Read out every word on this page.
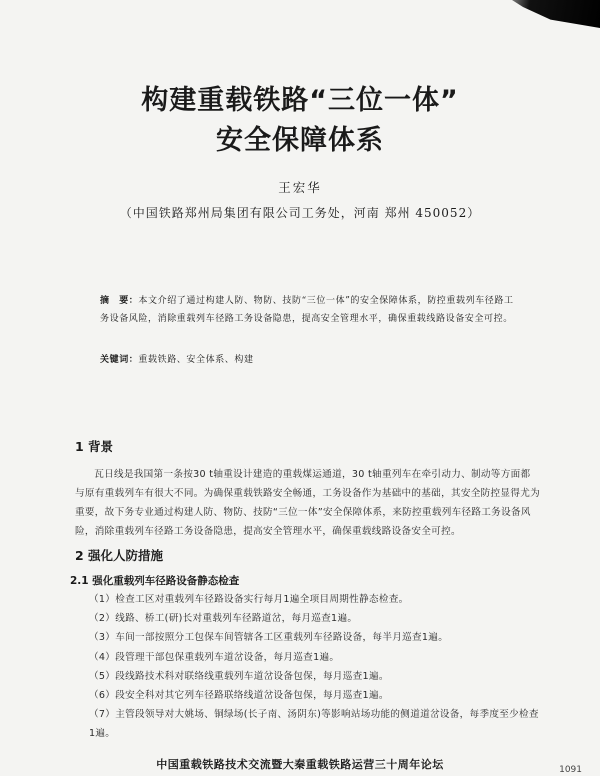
构建重载铁路“三位一体”
安全保障体系
王宏华
（中国铁路郑州局集团有限公司工务处，河南 郑州 450052）
摘　要：本文介绍了通过构建人防、物防、技防“三位一体”的安全保障体系，防控重载列车径路工务设备风险，消除重载列车径路工务设备隐患，提高安全管理水平，确保重载线路设备安全可控。
关键词：重载铁路、安全体系、构建
1 背景
瓦日线是我国第一条按30 t轴重设计建造的重载煤运通道，30 t轴重列车在牵引动力、制动等方面都与原有重载列车有很大不同。为确保重载铁路安全畅通，工务设备作为基础中的基础，其安全防控显得尤为重要，故下务专业通过构建人防、物防、技防“三位一体”安全保障体系，来防控重载列车径路工务设备风险，消除重载列车径路工务设备隐患，提高安全管理水平，确保重载线路设备安全可控。
2 强化人防措施
2.1 强化重载列车径路设备静态检查
（1）检查工区对重载列车径路设备实行每月1遍全项目周期性静态检查。
（2）线路、桥工(研)长对重载列车径路道岔，每月巡查1遍。
（3）车间一部按照分工包保车间管辖各工区重载列车径路设备，每半月巡查1遍。
（4）段管理干部包保重载列车道岔设备，每月巡查1遍。
（5）段线路技术科对联络线重载列车道岔设备包保，每月巡查1遍。
（6）段安全科对其它列车径路联络线道岔设备包保，每月巡查1遍。
（7）主管段领导对大姚场、铜绿场(长子南、汤阴东)等影响站场功能的侧道道岔设备，每季度至少检查1遍。
中国重载铁路技术交流暨大秦重载铁路运营三十周年论坛	1091
